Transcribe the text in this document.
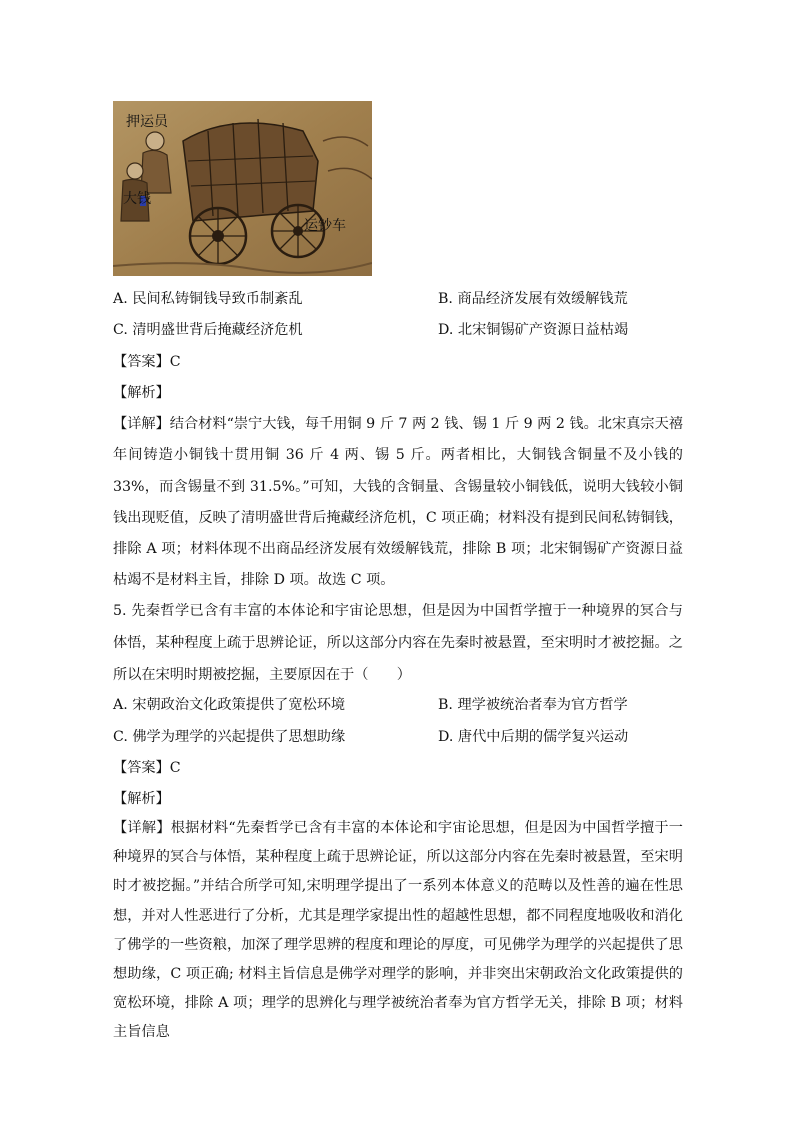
押运员
大钱
运钞车
A. 民间私铸铜钱导致币制紊乱	B. 商品经济发展有效缓解钱荒
C. 清明盛世背后掩藏经济危机	D. 北宋铜锡矿产资源日益枯竭
【答案】C
【解析】
【详解】结合材料“崇宁大钱，每千用铜 9 斤 7 两 2 钱、锡 1 斤 9 两 2 钱。北宋真宗天禧年间铸造小铜钱十贯用铜 36 斤 4 两、锡 5 斤。两者相比，大铜钱含铜量不及小钱的 33%，而含锡量不到 31.5%。”可知，大钱的含铜量、含锡量较小铜钱低，说明大钱较小铜钱出现贬值，反映了清明盛世背后掩藏经济危机，C 项正确；材料没有提到民间私铸铜钱，排除 A 项；材料体现不出商品经济发展有效缓解钱荒，排除 B 项；北宋铜锡矿产资源日益枯竭不是材料主旨，排除 D 项。故选 C 项。
5. 先秦哲学已含有丰富的本体论和宇宙论思想，但是因为中国哲学擅于一种境界的冥合与体悟，某种程度上疏于思辨论证，所以这部分内容在先秦时被悬置，至宋明时才被挖掘。之所以在宋明时期被挖掘，主要原因在于（　　）
A. 宋朝政治文化政策提供了宽松环境	B. 理学被统治者奉为官方哲学
C. 佛学为理学的兴起提供了思想助缘	D. 唐代中后期的儒学复兴运动
【答案】C
【解析】
【详解】根据材料“先秦哲学已含有丰富的本体论和宇宙论思想，但是因为中国哲学擅于一种境界的冥合与体悟，某种程度上疏于思辨论证，所以这部分内容在先秦时被悬置，至宋明时才被挖掘。”并结合所学可知,宋明理学提出了一系列本体意义的范畴以及性善的遍在性思想，并对人性恶进行了分析，尤其是理学家提出性的超越性思想，都不同程度地吸收和消化了佛学的一些资粮，加深了理学思辨的程度和理论的厚度，可见佛学为理学的兴起提供了思想助缘，C 项正确; 材料主旨信息是佛学对理学的影响，并非突出宋朝政治文化政策提供的宽松环境，排除 A 项；理学的思辨化与理学被统治者奉为官方哲学无关，排除 B 项；材料主旨信息
